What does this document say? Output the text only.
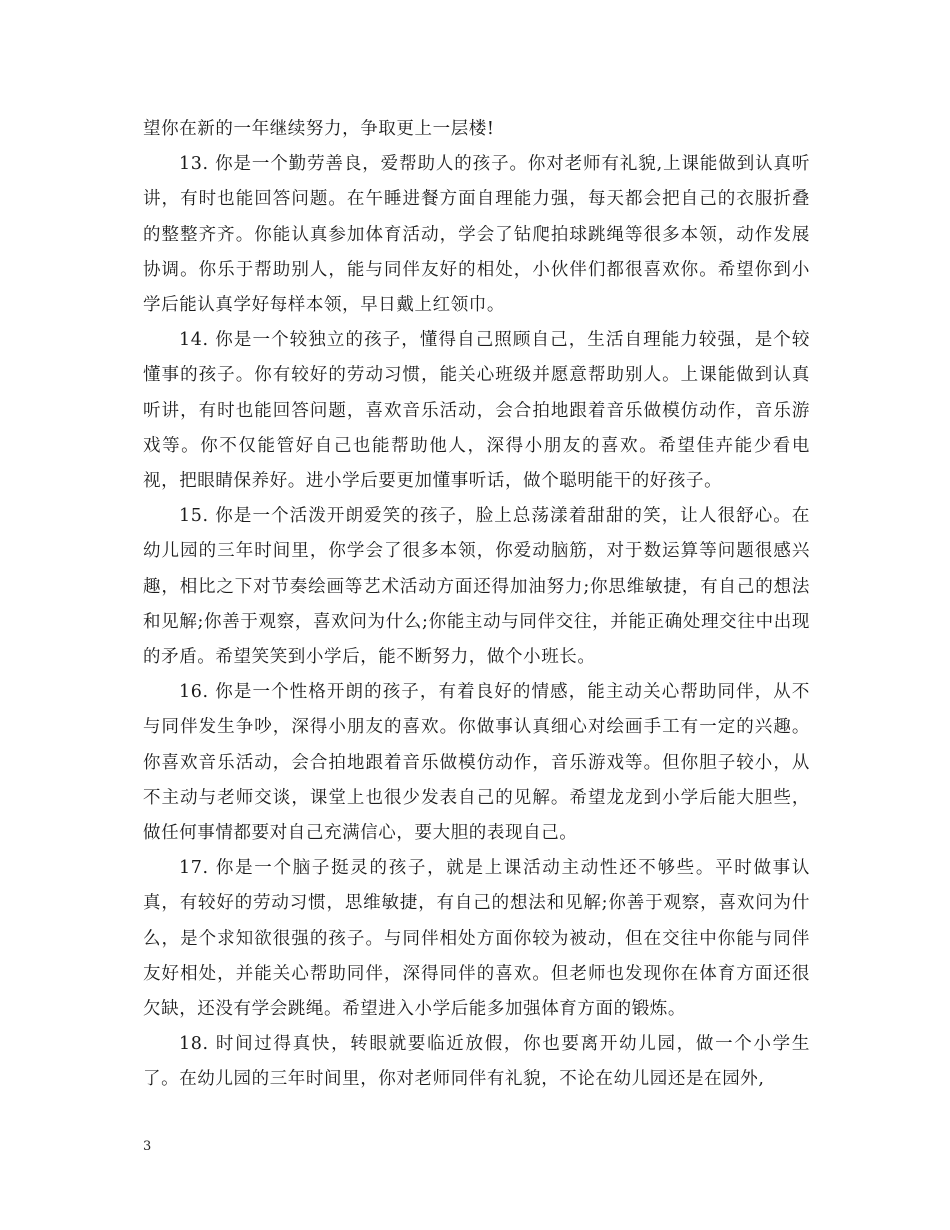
望你在新的一年继续努力，争取更上一层楼!

13. 你是一个勤劳善良，爱帮助人的孩子。你对老师有礼貌,上课能做到认真听讲，有时也能回答问题。在午睡进餐方面自理能力强，每天都会把自己的衣服折叠的整整齐齐。你能认真参加体育活动，学会了钻爬拍球跳绳等很多本领，动作发展协调。你乐于帮助别人，能与同伴友好的相处，小伙伴们都很喜欢你。希望你到小学后能认真学好每样本领，早日戴上红领巾。

14. 你是一个较独立的孩子，懂得自己照顾自己，生活自理能力较强，是个较懂事的孩子。你有较好的劳动习惯，能关心班级并愿意帮助别人。上课能做到认真听讲，有时也能回答问题，喜欢音乐活动，会合拍地跟着音乐做模仿动作，音乐游戏等。你不仅能管好自己也能帮助他人，深得小朋友的喜欢。希望佳卉能少看电视，把眼睛保养好。进小学后要更加懂事听话，做个聪明能干的好孩子。

15. 你是一个活泼开朗爱笑的孩子，脸上总荡漾着甜甜的笑，让人很舒心。在幼儿园的三年时间里，你学会了很多本领，你爱动脑筋，对于数运算等问题很感兴趣，相比之下对节奏绘画等艺术活动方面还得加油努力;你思维敏捷，有自己的想法和见解;你善于观察，喜欢问为什么;你能主动与同伴交往，并能正确处理交往中出现的矛盾。希望笑笑到小学后，能不断努力，做个小班长。

16. 你是一个性格开朗的孩子，有着良好的情感，能主动关心帮助同伴，从不与同伴发生争吵，深得小朋友的喜欢。你做事认真细心对绘画手工有一定的兴趣。你喜欢音乐活动，会合拍地跟着音乐做模仿动作，音乐游戏等。但你胆子较小，从不主动与老师交谈，课堂上也很少发表自己的见解。希望龙龙到小学后能大胆些，做任何事情都要对自己充满信心，要大胆的表现自己。

17. 你是一个脑子挺灵的孩子，就是上课活动主动性还不够些。平时做事认真，有较好的劳动习惯，思维敏捷，有自己的想法和见解;你善于观察，喜欢问为什么，是个求知欲很强的孩子。与同伴相处方面你较为被动，但在交往中你能与同伴友好相处，并能关心帮助同伴，深得同伴的喜欢。但老师也发现你在体育方面还很欠缺，还没有学会跳绳。希望进入小学后能多加强体育方面的锻炼。

18. 时间过得真快，转眼就要临近放假，你也要离开幼儿园，做一个小学生了。在幼儿园的三年时间里，你对老师同伴有礼貌，不论在幼儿园还是在园外,

3
